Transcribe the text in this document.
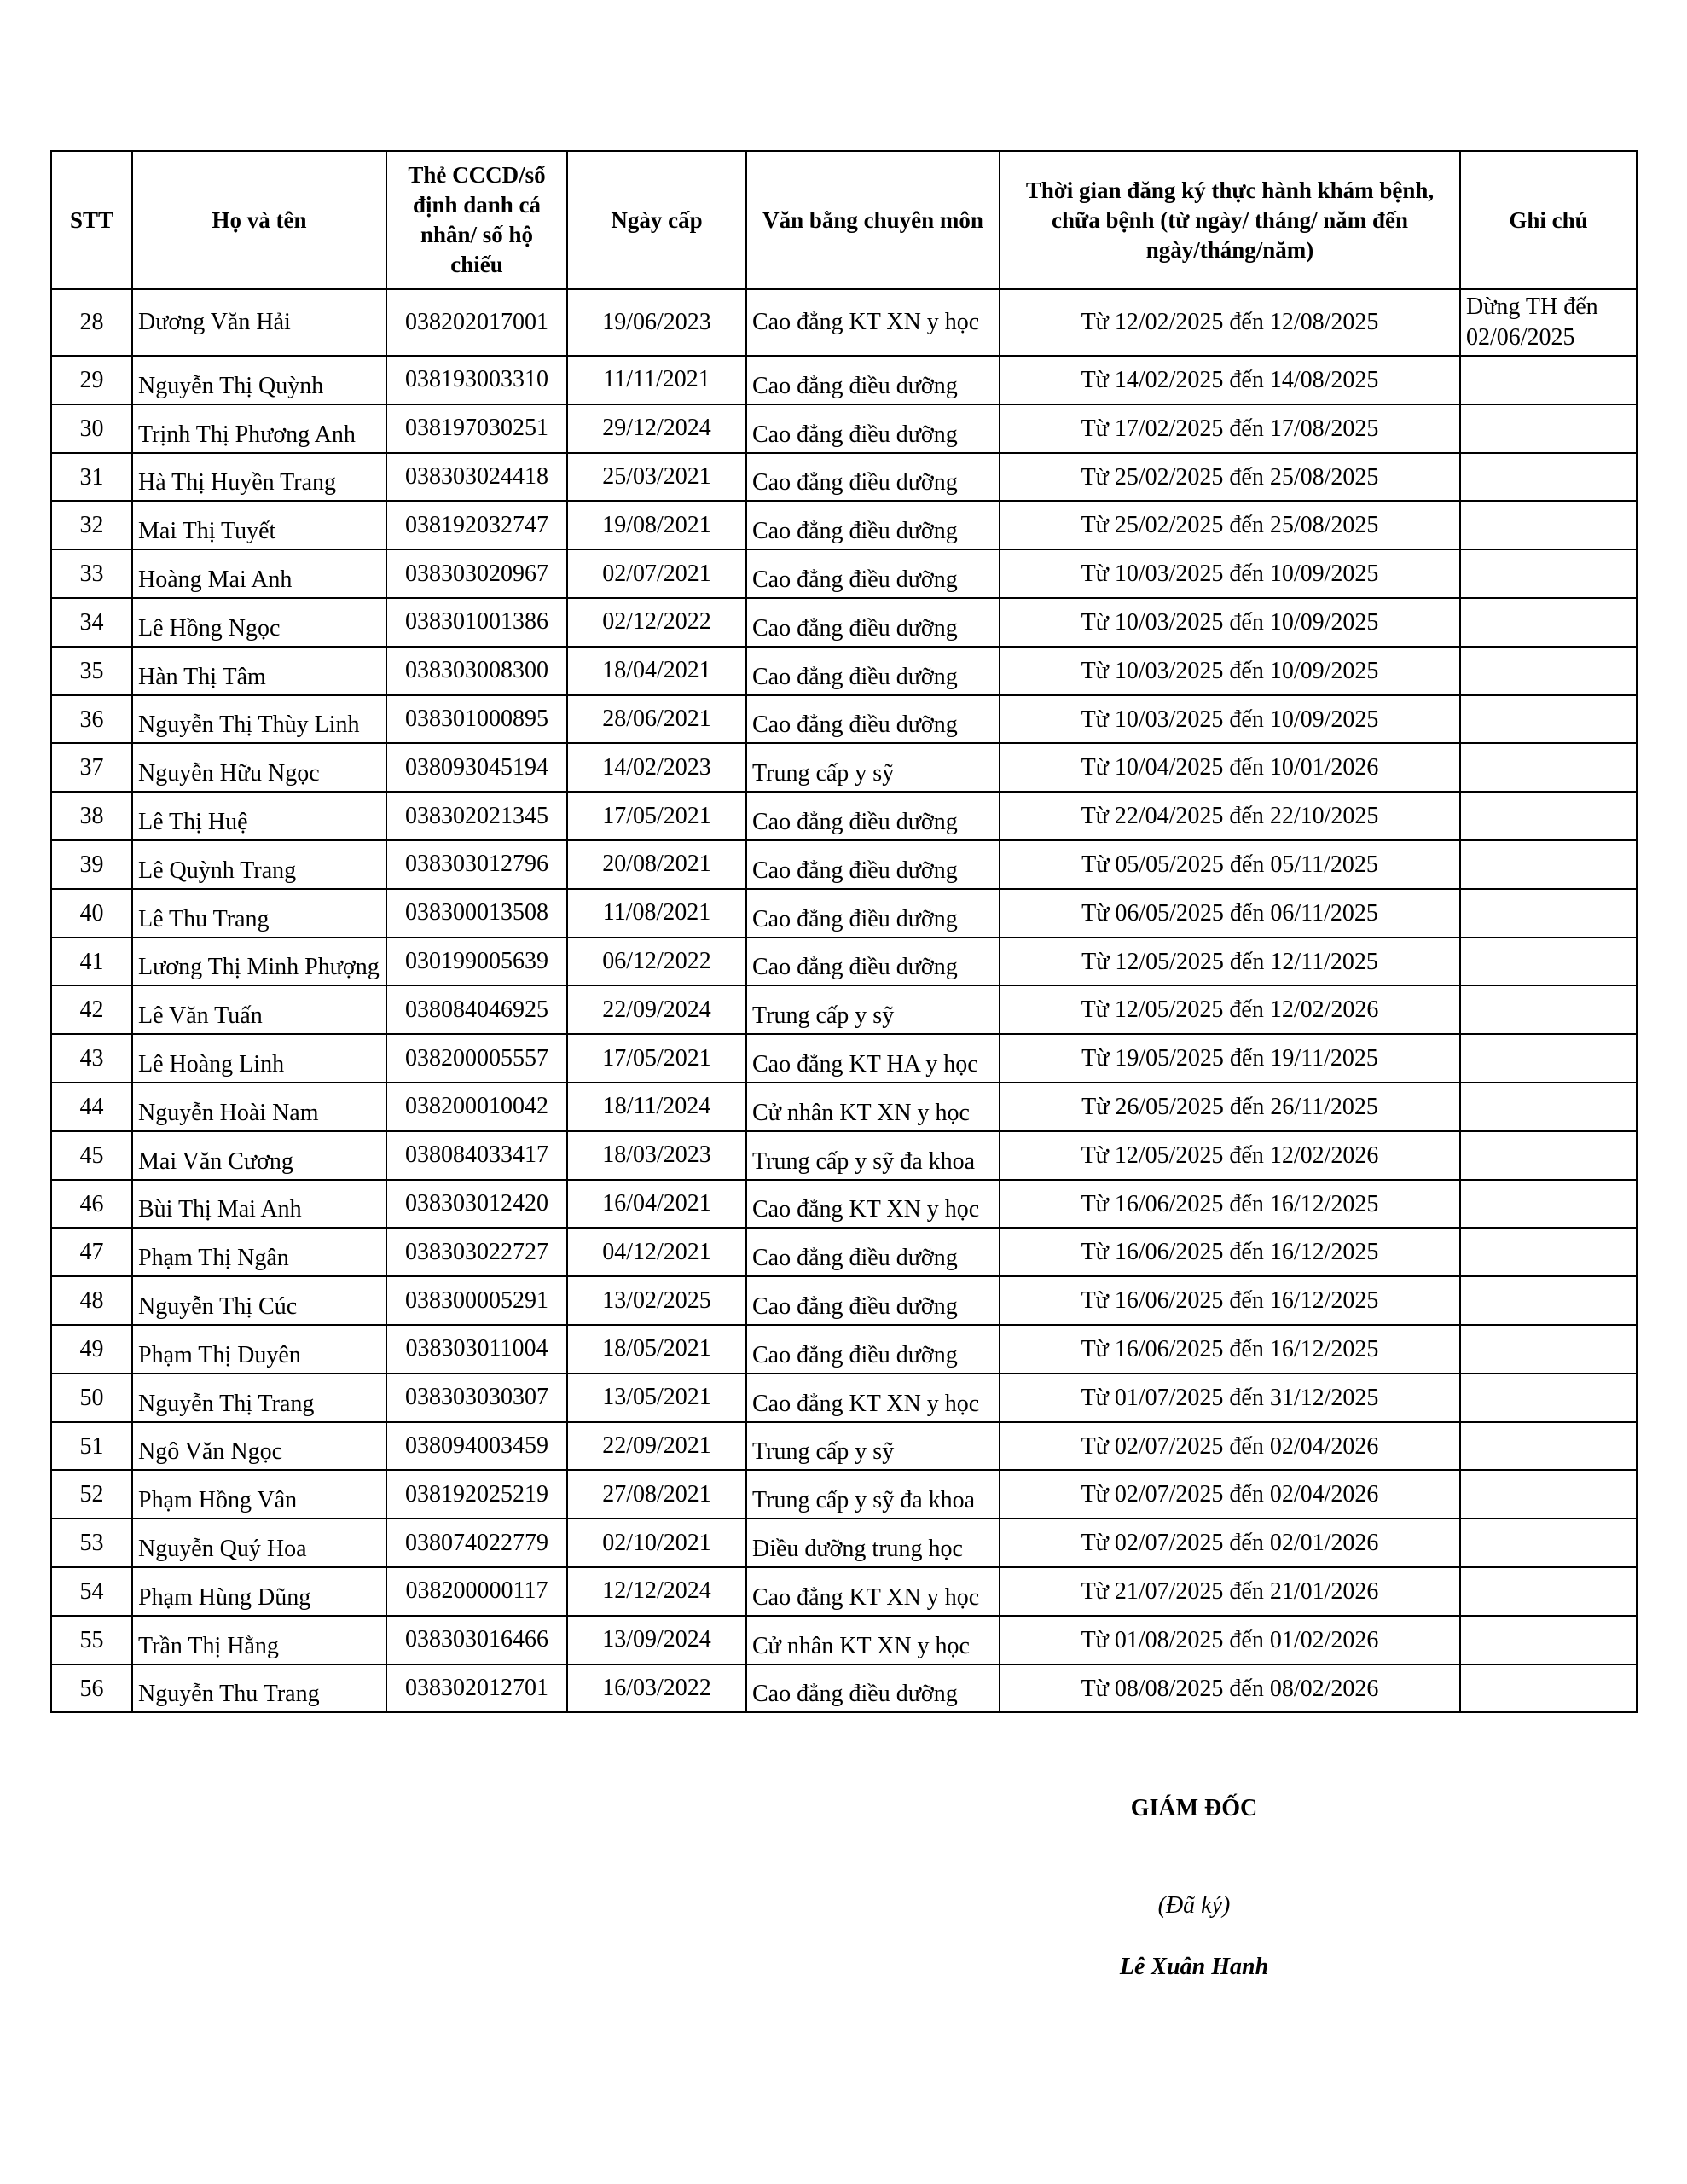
STT	Họ và tên	Thẻ CCCD/số định danh cá nhân/ số hộ chiếu	Ngày cấp	Văn bằng chuyên môn	Thời gian đăng ký thực hành khám bệnh, chữa bệnh (từ ngày/ tháng/ năm đến ngày/tháng/năm)	Ghi chú
28	Dương Văn Hải	038202017001	19/06/2023	Cao đẳng KT XN y học	Từ 12/02/2025 đến 12/08/2025	Dừng TH đến 02/06/2025
29	Nguyễn Thị Quỳnh	038193003310	11/11/2021	Cao đẳng điều dưỡng	Từ 14/02/2025 đến 14/08/2025	
30	Trịnh Thị Phương Anh	038197030251	29/12/2024	Cao đẳng điều dưỡng	Từ 17/02/2025 đến 17/08/2025	
31	Hà Thị Huyền Trang	038303024418	25/03/2021	Cao đẳng điều dưỡng	Từ 25/02/2025 đến 25/08/2025	
32	Mai Thị Tuyết	038192032747	19/08/2021	Cao đẳng điều dưỡng	Từ 25/02/2025 đến 25/08/2025	
33	Hoàng Mai Anh	038303020967	02/07/2021	Cao đẳng điều dưỡng	Từ 10/03/2025 đến 10/09/2025	
34	Lê Hồng Ngọc	038301001386	02/12/2022	Cao đẳng điều dưỡng	Từ 10/03/2025 đến 10/09/2025	
35	Hàn Thị Tâm	038303008300	18/04/2021	Cao đẳng điều dưỡng	Từ 10/03/2025 đến 10/09/2025	
36	Nguyễn Thị Thùy Linh	038301000895	28/06/2021	Cao đẳng điều dưỡng	Từ 10/03/2025 đến 10/09/2025	
37	Nguyễn Hữu Ngọc	038093045194	14/02/2023	Trung cấp y sỹ	Từ 10/04/2025 đến 10/01/2026	
38	Lê Thị Huệ	038302021345	17/05/2021	Cao đẳng điều dưỡng	Từ 22/04/2025 đến 22/10/2025	
39	Lê Quỳnh Trang	038303012796	20/08/2021	Cao đẳng điều dưỡng	Từ 05/05/2025 đến 05/11/2025	
40	Lê Thu Trang	038300013508	11/08/2021	Cao đẳng điều dưỡng	Từ 06/05/2025 đến 06/11/2025	
41	Lương Thị Minh Phượng	030199005639	06/12/2022	Cao đẳng điều dưỡng	Từ 12/05/2025 đến 12/11/2025	
42	Lê Văn Tuấn	038084046925	22/09/2024	Trung cấp y sỹ	Từ 12/05/2025 đến 12/02/2026	
43	Lê Hoàng Linh	038200005557	17/05/2021	Cao đẳng KT HA y học	Từ 19/05/2025 đến 19/11/2025	
44	Nguyễn Hoài Nam	038200010042	18/11/2024	Cử nhân KT XN y học	Từ 26/05/2025 đến 26/11/2025	
45	Mai Văn Cương	038084033417	18/03/2023	Trung cấp y sỹ đa khoa	Từ 12/05/2025 đến 12/02/2026	
46	Bùi Thị Mai Anh	038303012420	16/04/2021	Cao đẳng KT XN y học	Từ 16/06/2025 đến 16/12/2025	
47	Phạm Thị Ngân	038303022727	04/12/2021	Cao đẳng điều dưỡng	Từ 16/06/2025 đến 16/12/2025	
48	Nguyễn Thị Cúc	038300005291	13/02/2025	Cao đẳng điều dưỡng	Từ 16/06/2025 đến 16/12/2025	
49	Phạm Thị Duyên	038303011004	18/05/2021	Cao đẳng điều dưỡng	Từ 16/06/2025 đến 16/12/2025	
50	Nguyễn Thị Trang	038303030307	13/05/2021	Cao đẳng KT XN y học	Từ 01/07/2025 đến 31/12/2025	
51	Ngô Văn Ngọc	038094003459	22/09/2021	Trung cấp y sỹ	Từ 02/07/2025 đến 02/04/2026	
52	Phạm Hồng Vân	038192025219	27/08/2021	Trung cấp y sỹ đa khoa	Từ 02/07/2025 đến 02/04/2026	
53	Nguyễn Quý Hoa	038074022779	02/10/2021	Điều dưỡng trung học	Từ 02/07/2025 đến 02/01/2026	
54	Phạm Hùng Dũng	038200000117	12/12/2024	Cao đẳng KT XN y học	Từ 21/07/2025 đến 21/01/2026	
55	Trần Thị Hằng	038303016466	13/09/2024	Cử nhân KT XN y học	Từ 01/08/2025 đến 01/02/2026	
56	Nguyễn Thu Trang	038302012701	16/03/2022	Cao đẳng điều dưỡng	Từ 08/08/2025 đến 08/02/2026	

GIÁM ĐỐC

(Đã ký)

Lê Xuân Hanh
